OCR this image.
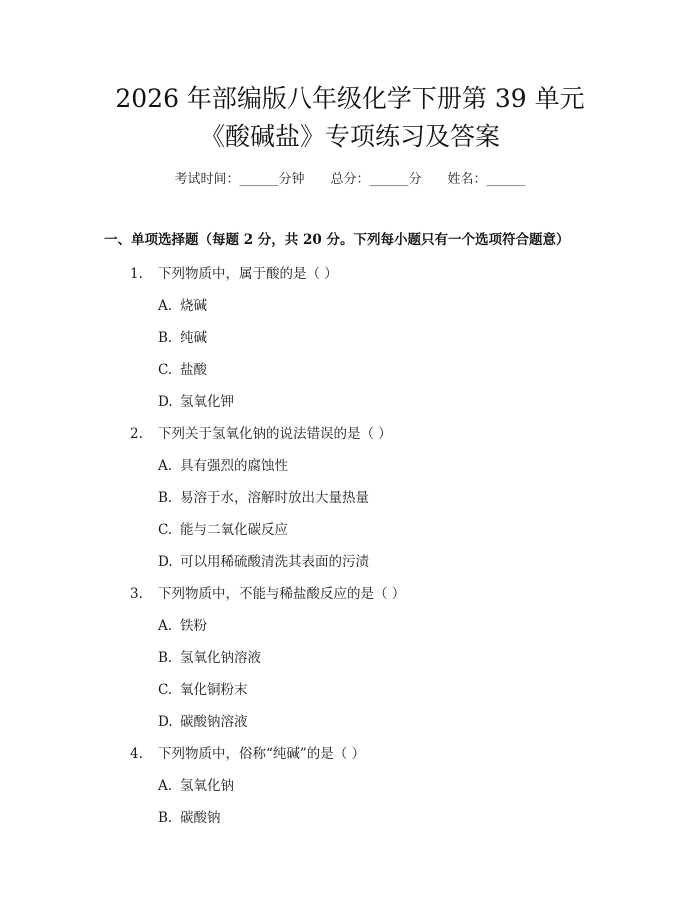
2026 年部编版八年级化学下册第 39 单元
《酸碱盐》专项练习及答案
考试时间：______分钟 总分：______分 姓名：______
一、单项选择题（每题 2 分，共 20 分。下列每小题只有一个选项符合题意）
1. 下列物质中，属于酸的是（ ）
A. 烧碱
B. 纯碱
C. 盐酸
D. 氢氧化钾
2. 下列关于氢氧化钠的说法错误的是（ ）
A. 具有强烈的腐蚀性
B. 易溶于水，溶解时放出大量热量
C. 能与二氧化碳反应
D. 可以用稀硫酸清洗其表面的污渍
3. 下列物质中，不能与稀盐酸反应的是（ ）
A. 铁粉
B. 氢氧化钠溶液
C. 氧化铜粉末
D. 碳酸钠溶液
4. 下列物质中，俗称“纯碱”的是（ ）
A. 氢氧化钠
B. 碳酸钠
